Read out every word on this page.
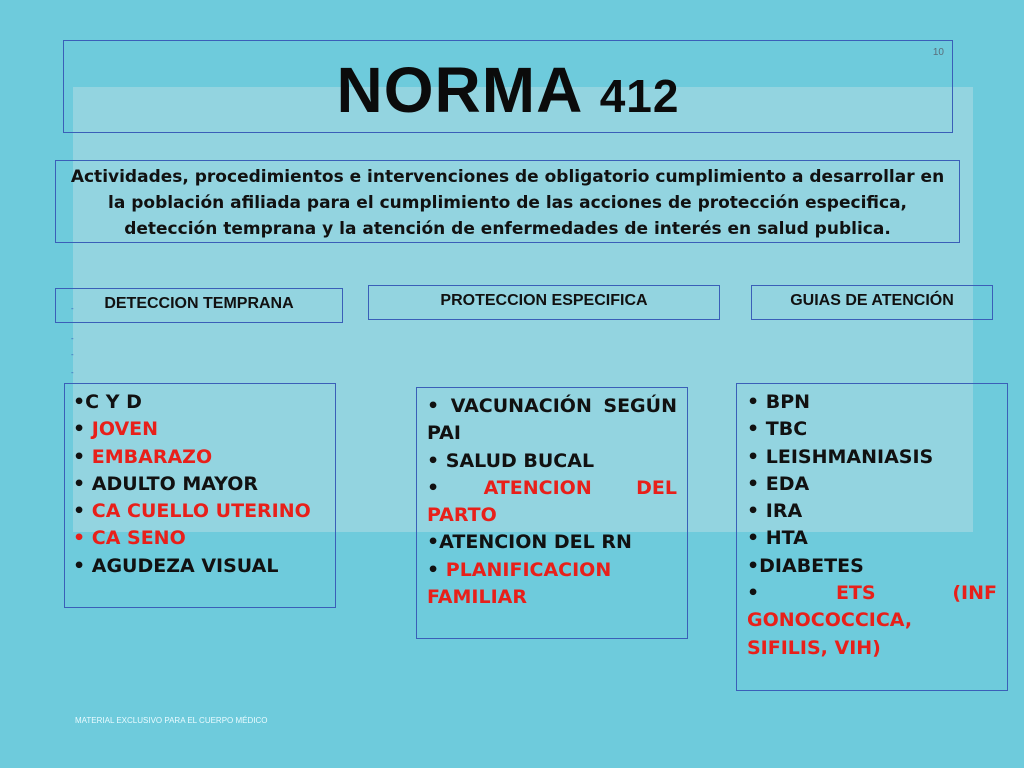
NORMA 412
10
Actividades, procedimientos e intervenciones de obligatorio cumplimiento a desarrollar en la población afiliada para el cumplimiento de las acciones de protección especifica, detección temprana y la atención de enfermedades de interés en salud publica.
DETECCION TEMPRANA	PROTECCION ESPECIFICA	GUIAS DE ATENCIÓN
-
-
-
-
•C Y D
• JOVEN
• EMBARAZO
• ADULTO MAYOR
• CA CUELLO UTERINO
• CA SENO
• AGUDEZA VISUAL
• VACUNACIÓN SEGÚN PAI
• SALUD BUCAL
• ATENCION DEL
PARTO
•ATENCION DEL RN
• PLANIFICACION FAMILIAR
• BPN
• TBC
• LEISHMANIASIS
• EDA
• IRA
• HTA
•DIABETES
• ETS	(INF
GONOCOCCICA, SIFILIS, VIH)
MATERIAL EXCLUSIVO PARA EL CUERPO MÉDICO
